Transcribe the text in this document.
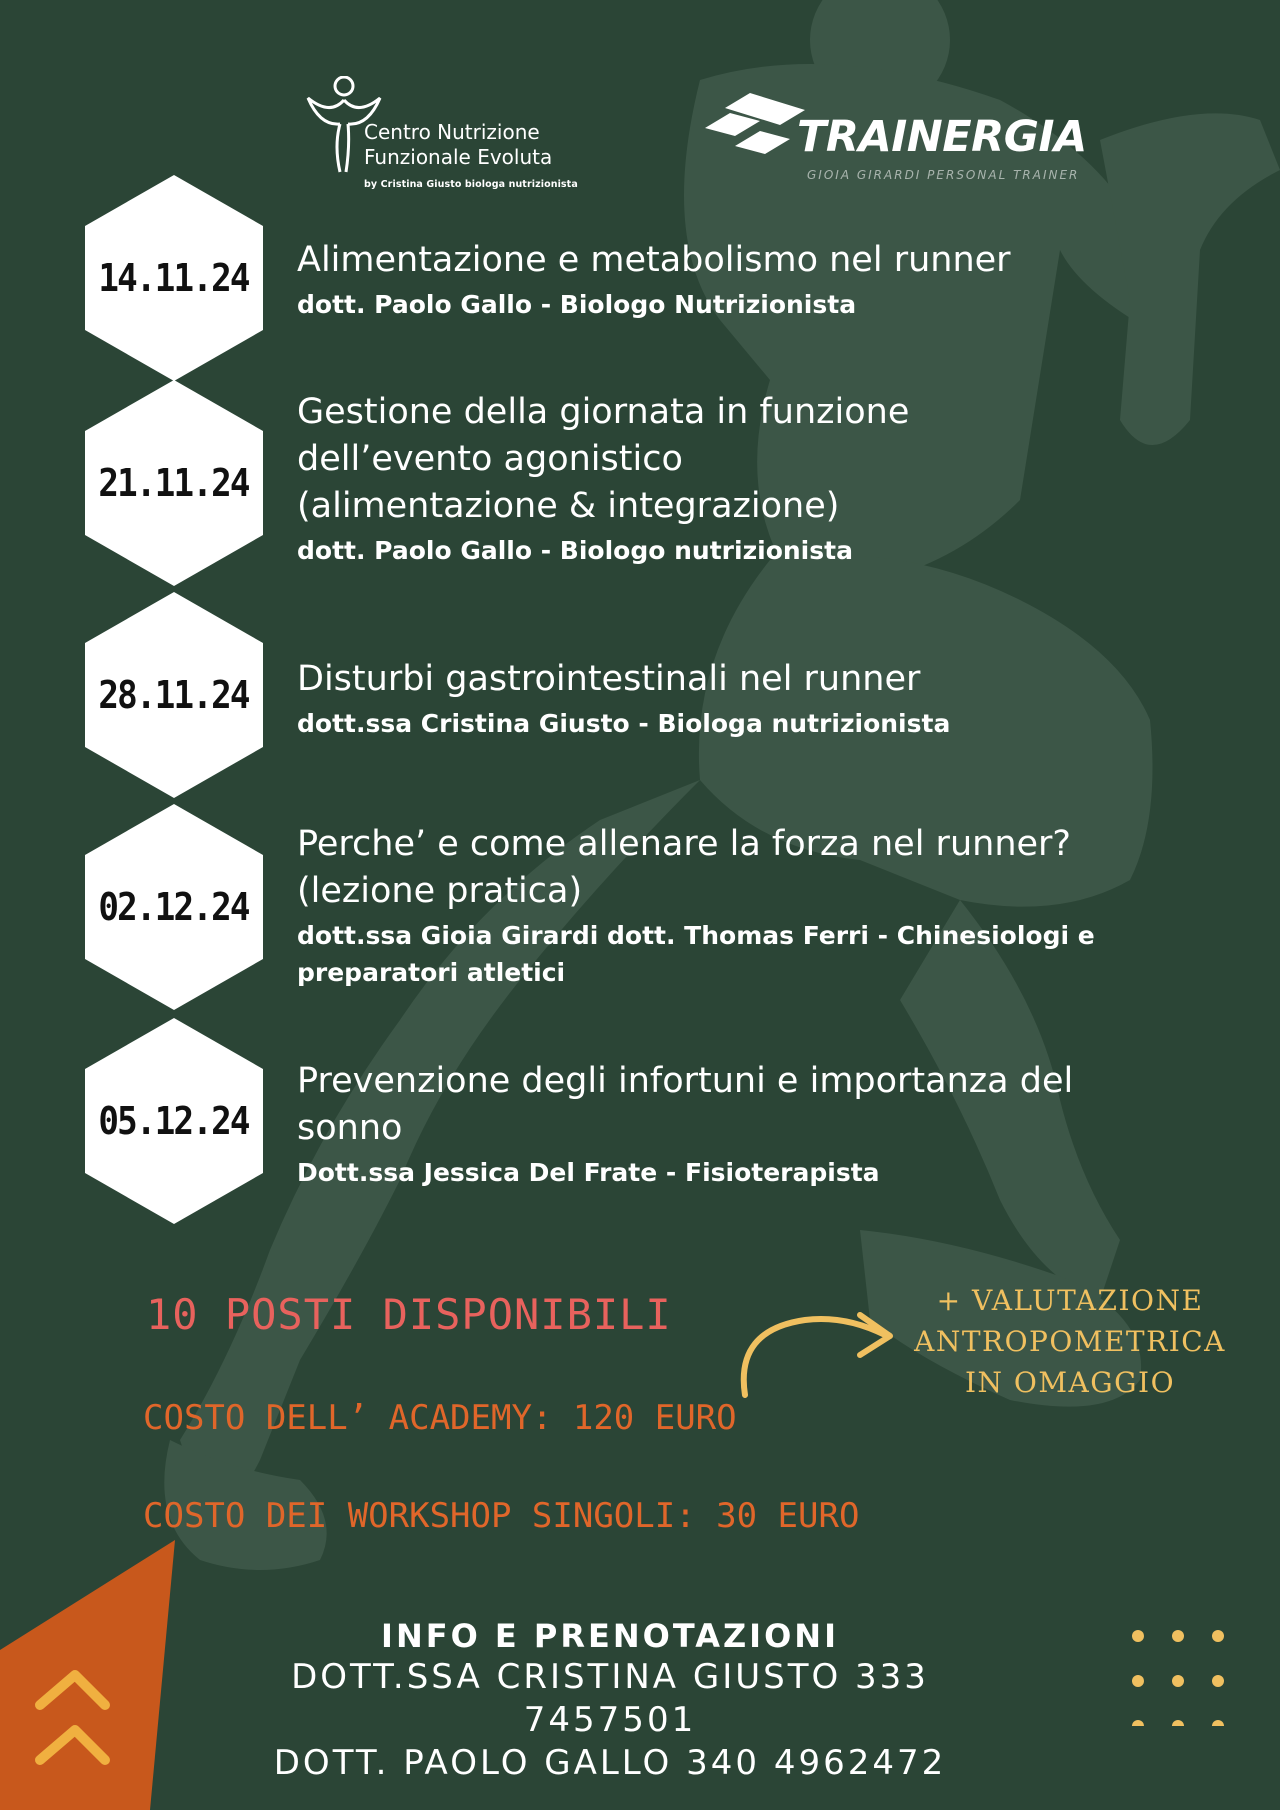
Centro Nutrizione
Funzionale Evoluta
by Cristina Giusto biologa nutrizionista
TRAINERGIA
GIOIA GIRARDI PERSONAL TRAINER
14.11.24 Alimentazione e metabolismo nel runner
dott. Paolo Gallo - Biologo Nutrizionista
21.11.24
Gestione della giornata in funzione
dell’evento agonistico
(alimentazione & integrazione)
dott. Paolo Gallo - Biologo nutrizionista
28.11.24 Disturbi gastrointestinali nel runner
dott.ssa Cristina Giusto - Biologa nutrizionista
02.12.24
Perche’ e come allenare la forza nel runner?
(lezione pratica)
dott.ssa Gioia Girardi dott. Thomas Ferri - Chinesiologi e
preparatori atletici
05.12.24
Prevenzione degli infortuni e importanza del
sonno
Dott.ssa Jessica Del Frate - Fisioterapista
10 POSTI DISPONIBILI
COSTO DELL’ ACADEMY: 120 EURO
COSTO DEI WORKSHOP SINGOLI: 30 EURO
+ VALUTAZIONE
ANTROPOMETRICA
IN OMAGGIO
INFO E PRENOTAZIONI
DOTT.SSA CRISTINA GIUSTO 333 7457501
DOTT. PAOLO GALLO 340 4962472
